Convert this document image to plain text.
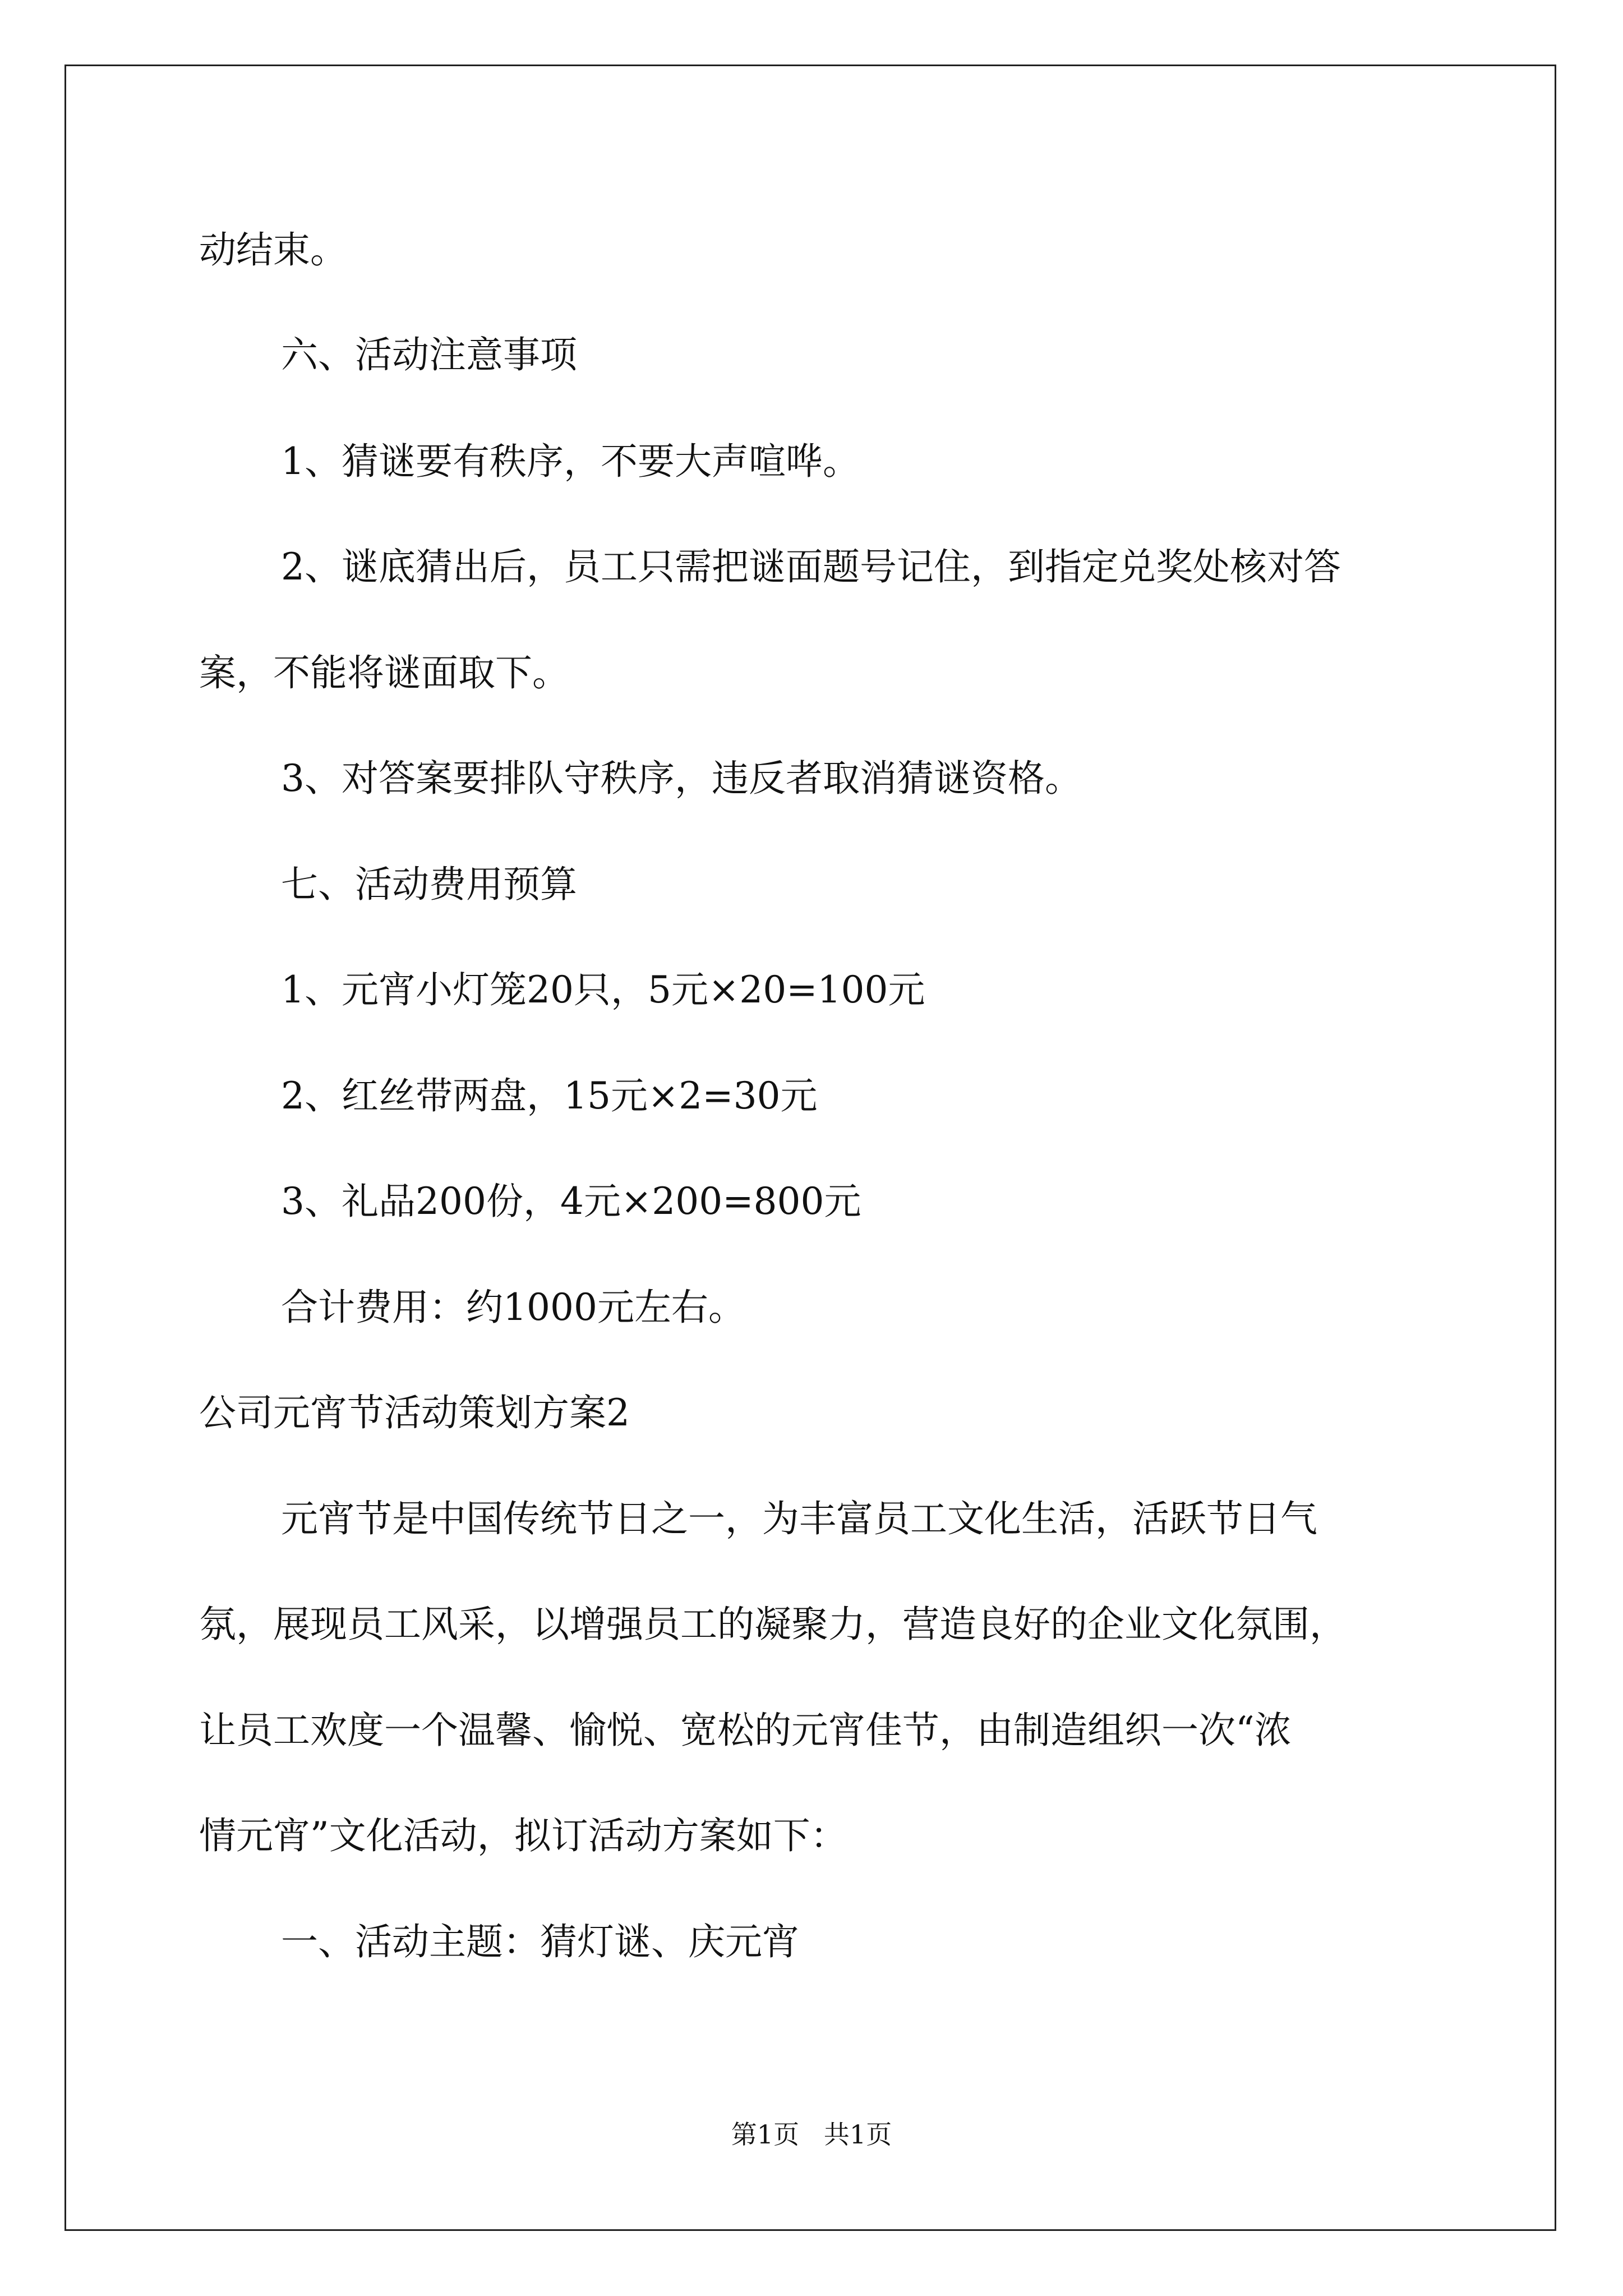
动结束。
六、活动注意事项
1、猜谜要有秩序，不要大声喧哗。
2、谜底猜出后，员工只需把谜面题号记住，到指定兑奖处核对答
案，不能将谜面取下。
3、对答案要排队守秩序，违反者取消猜谜资格。
七、活动费用预算
1、元宵小灯笼20只，5元×20=100元
2、红丝带两盘，15元×2=30元
3、礼品200份，4元×200=800元
合计费用：约1000元左右。
公司元宵节活动策划方案2
元宵节是中国传统节日之一，为丰富员工文化生活，活跃节日气
氛，展现员工风采，以增强员工的凝聚力，营造良好的企业文化氛围，
让员工欢度一个温馨、愉悦、宽松的元宵佳节，由制造组织一次“浓
情元宵”文化活动，拟订活动方案如下：
一、活动主题：猜灯谜、庆元宵
第1页   共1页
